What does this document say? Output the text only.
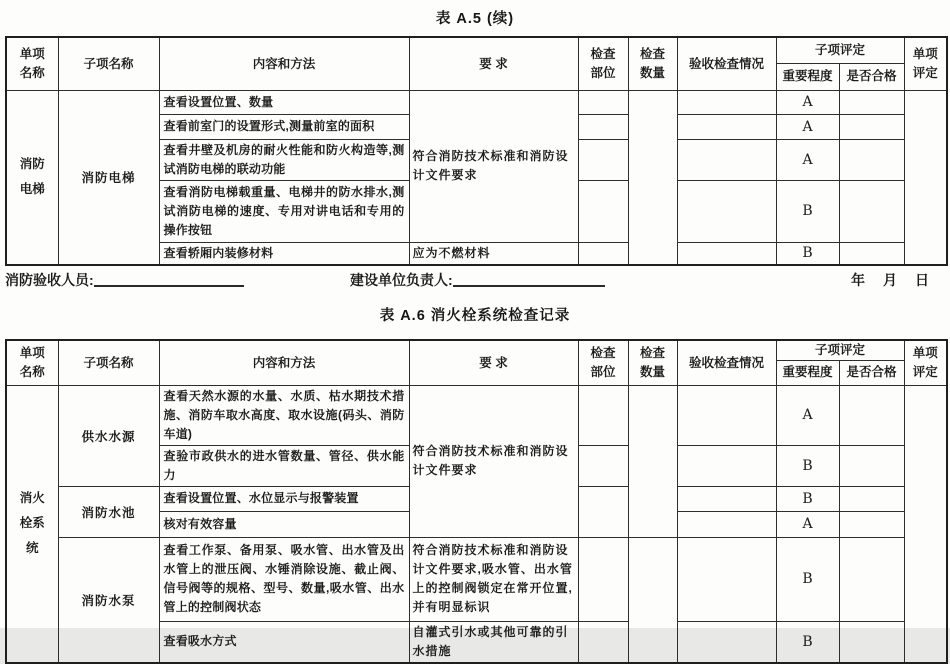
表 A.5 (续)
单项名称	子项名称	内容和方法	要 求	检查部位	检查数量	验收检查情况	子项评定		单项评定
							重要程度	是否合格	
消防电梯	消防电梯	查看设置位置、数量	符合消防技术标准和消防设计文件要求				A		
		查看前室门的设置形式,测量前室的面积					A		
		查看井壁及机房的耐火性能和防火构造等,测试消防电梯的联动功能					A		
		查看消防电梯载重量、电梯井的防水排水,测试消防电梯的速度、专用对讲电话和专用的操作按钮					B		
		查看轿厢内装修材料	应为不燃材料				B		
消防验收人员:	建设单位负责人:	年　月　日
表 A.6 消火栓系统检查记录
单项名称	子项名称	内容和方法	要 求	检查部位	检查数量	验收检查情况	子项评定		单项评定
							重要程度	是否合格	
消火栓系统	供水水源	查看天然水源的水量、水质、枯水期技术措施、消防车取水高度、取水设施(码头、消防车道)	符合消防技术标准和消防设计文件要求				A		
		查验市政供水的进水管数量、管径、供水能力					B		
	消防水池	查看设置位置、水位显示与报警装置					B		
		核对有效容量					A		
	消防水泵	查看工作泵、备用泵、吸水管、出水管及出水管上的泄压阀、水锤消除设施、截止阀、信号阀等的规格、型号、数量,吸水管、出水管上的控制阀状态	符合消防技术标准和消防设计文件要求,吸水管、出水管上的控制阀锁定在常开位置,并有明显标识				B		
		查看吸水方式	自灌式引水或其他可靠的引水措施				B		
